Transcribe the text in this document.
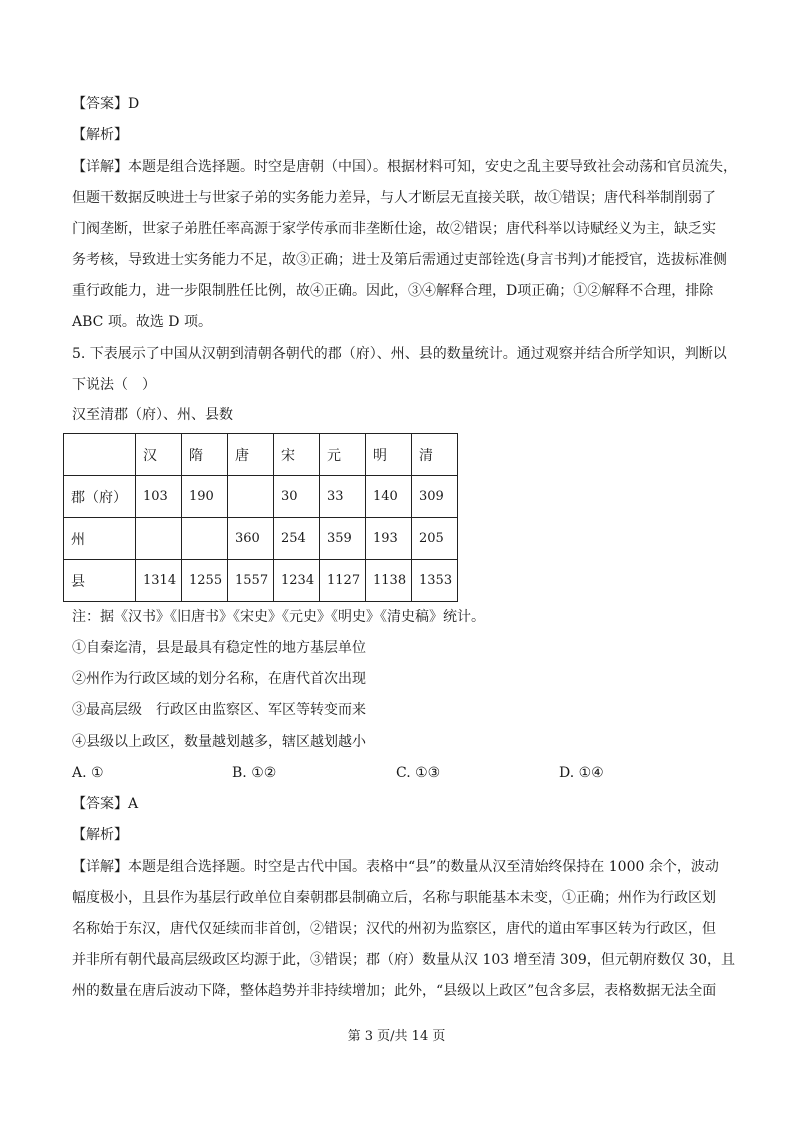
【答案】D
【解析】
【详解】本题是组合选择题。时空是唐朝（中国）。根据材料可知，安史之乱主要导致社会动荡和官员流失，
但题干数据反映进士与世家子弟的实务能力差异，与人才断层无直接关联，故①错误；唐代科举制削弱了
门阀垄断，世家子弟胜任率高源于家学传承而非垄断仕途，故②错误；唐代科举以诗赋经义为主，缺乏实
务考核，导致进士实务能力不足，故③正确；进士及第后需通过吏部铨选(身言书判)才能授官，选拔标准侧
重行政能力，进一步限制胜任比例，故④正确。因此，③④解释合理，D项正确；①②解释不合理，排除
ABC 项。故选 D 项。
5. 下表展示了中国从汉朝到清朝各朝代的郡（府）、州、县的数量统计。通过观察并结合所学知识，判断以
下说法（　）
汉至清郡（府）、州、县数
注：据《汉书》《旧唐书》《宋史》《元史》《明史》《清史稿》统计。
①自秦迄清，县是最具有稳定性的地方基层单位
②州作为行政区域的划分名称，在唐代首次出现
③最高层级　行政区由监察区、军区等转变而来
④县级以上政区，数量越划越多，辖区越划越小
【答案】A
【解析】
【详解】本题是组合选择题。时空是古代中国。表格中“县”的数量从汉至清始终保持在 1000 余个，波动
幅度极小，且县作为基层行政单位自秦朝郡县制确立后，名称与职能基本未变，①正确；州作为行政区划
名称始于东汉，唐代仅延续而非首创，②错误；汉代的州初为监察区，唐代的道由军事区转为行政区，但
并非所有朝代最高层级政区均源于此，③错误；郡（府）数量从汉 103 增至清 309，但元朝府数仅 30，且
州的数量在唐后波动下降，整体趋势并非持续增加；此外，“县级以上政区”包含多层，表格数据无法全面
	汉	隋	唐	宋	元	明	清
郡（府）	103	190		30	33	140	309
州			360	254	359	193	205
县	1314	1255	1557	1234	1127	1138	1353
A. ①	B. ①②	C. ①③	D. ①④
第 3 页/共 14 页
